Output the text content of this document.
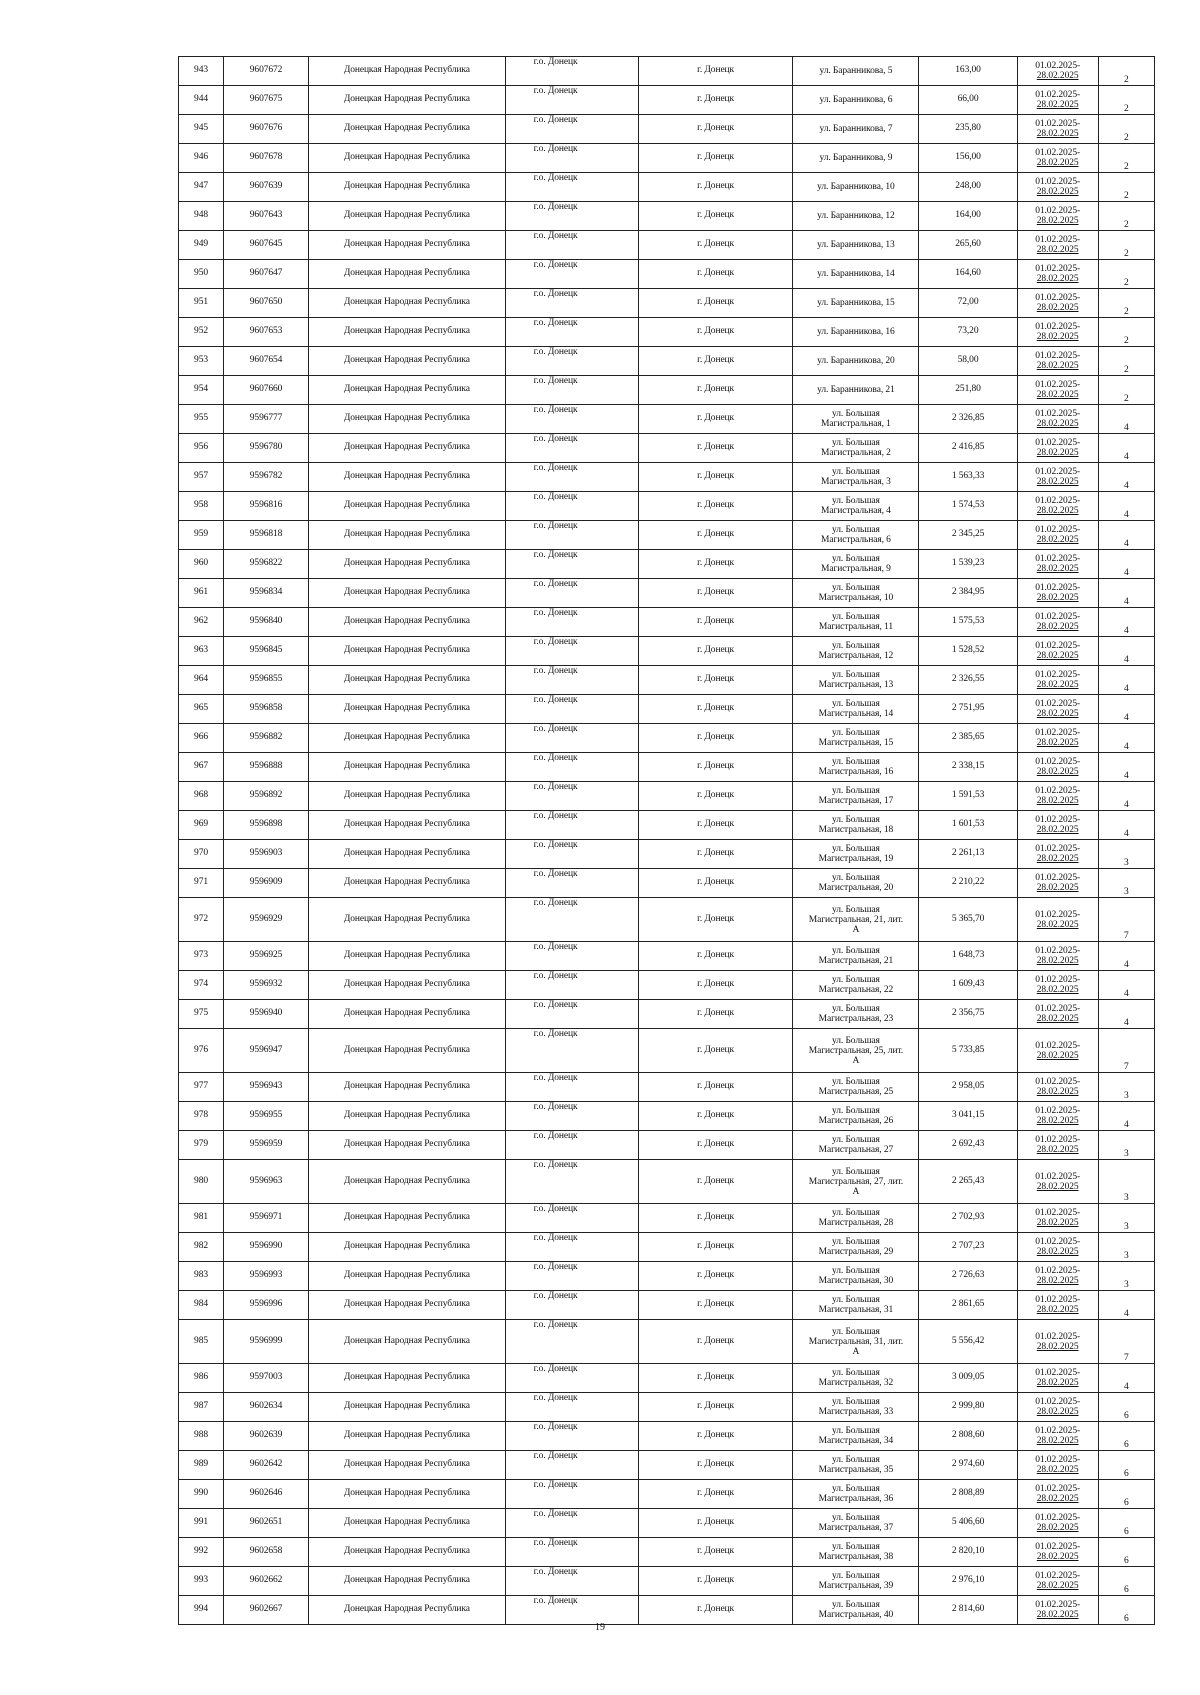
943	9607672	Донецкая Народная Республика	г.о. Донецк	г. Донецк	ул. Баранникова, 5	163,00	01.02.2025-
28.02.2025	2
944	9607675	Донецкая Народная Республика	г.о. Донецк	г. Донецк	ул. Баранникова, 6	66,00	01.02.2025-
28.02.2025	2
945	9607676	Донецкая Народная Республика	г.о. Донецк	г. Донецк	ул. Баранникова, 7	235,80	01.02.2025-
28.02.2025	2
946	9607678	Донецкая Народная Республика	г.о. Донецк	г. Донецк	ул. Баранникова, 9	156,00	01.02.2025-
28.02.2025	2
947	9607639	Донецкая Народная Республика	г.о. Донецк	г. Донецк	ул. Баранникова, 10	248,00	01.02.2025-
28.02.2025	2
948	9607643	Донецкая Народная Республика	г.о. Донецк	г. Донецк	ул. Баранникова, 12	164,00	01.02.2025-
28.02.2025	2
949	9607645	Донецкая Народная Республика	г.о. Донецк	г. Донецк	ул. Баранникова, 13	265,60	01.02.2025-
28.02.2025	2
950	9607647	Донецкая Народная Республика	г.о. Донецк	г. Донецк	ул. Баранникова, 14	164,60	01.02.2025-
28.02.2025	2
951	9607650	Донецкая Народная Республика	г.о. Донецк	г. Донецк	ул. Баранникова, 15	72,00	01.02.2025-
28.02.2025	2
952	9607653	Донецкая Народная Республика	г.о. Донецк	г. Донецк	ул. Баранникова, 16	73,20	01.02.2025-
28.02.2025	2
953	9607654	Донецкая Народная Республика	г.о. Донецк	г. Донецк	ул. Баранникова, 20	58,00	01.02.2025-
28.02.2025	2
954	9607660	Донецкая Народная Республика	г.о. Донецк	г. Донецк	ул. Баранникова, 21	251,80	01.02.2025-
28.02.2025	2
955	9596777	Донецкая Народная Республика	г.о. Донецк	г. Донецк	ул. Большая
Магистральная, 1	2 326,85	01.02.2025-
28.02.2025	4
956	9596780	Донецкая Народная Республика	г.о. Донецк	г. Донецк	ул. Большая
Магистральная, 2	2 416,85	01.02.2025-
28.02.2025	4
957	9596782	Донецкая Народная Республика	г.о. Донецк	г. Донецк	ул. Большая
Магистральная, 3	1 563,33	01.02.2025-
28.02.2025	4
958	9596816	Донецкая Народная Республика	г.о. Донецк	г. Донецк	ул. Большая
Магистральная, 4	1 574,53	01.02.2025-
28.02.2025	4
959	9596818	Донецкая Народная Республика	г.о. Донецк	г. Донецк	ул. Большая
Магистральная, 6	2 345,25	01.02.2025-
28.02.2025	4
960	9596822	Донецкая Народная Республика	г.о. Донецк	г. Донецк	ул. Большая
Магистральная, 9	1 539,23	01.02.2025-
28.02.2025	4
961	9596834	Донецкая Народная Республика	г.о. Донецк	г. Донецк	ул. Большая
Магистральная, 10	2 384,95	01.02.2025-
28.02.2025	4
962	9596840	Донецкая Народная Республика	г.о. Донецк	г. Донецк	ул. Большая
Магистральная, 11	1 575,53	01.02.2025-
28.02.2025	4
963	9596845	Донецкая Народная Республика	г.о. Донецк	г. Донецк	ул. Большая
Магистральная, 12	1 528,52	01.02.2025-
28.02.2025	4
964	9596855	Донецкая Народная Республика	г.о. Донецк	г. Донецк	ул. Большая
Магистральная, 13	2 326,55	01.02.2025-
28.02.2025	4
965	9596858	Донецкая Народная Республика	г.о. Донецк	г. Донецк	ул. Большая
Магистральная, 14	2 751,95	01.02.2025-
28.02.2025	4
966	9596882	Донецкая Народная Республика	г.о. Донецк	г. Донецк	ул. Большая
Магистральная, 15	2 385,65	01.02.2025-
28.02.2025	4
967	9596888	Донецкая Народная Республика	г.о. Донецк	г. Донецк	ул. Большая
Магистральная, 16	2 338,15	01.02.2025-
28.02.2025	4
968	9596892	Донецкая Народная Республика	г.о. Донецк	г. Донецк	ул. Большая
Магистральная, 17	1 591,53	01.02.2025-
28.02.2025	4
969	9596898	Донецкая Народная Республика	г.о. Донецк	г. Донецк	ул. Большая
Магистральная, 18	1 601,53	01.02.2025-
28.02.2025	4
970	9596903	Донецкая Народная Республика	г.о. Донецк	г. Донецк	ул. Большая
Магистральная, 19	2 261,13	01.02.2025-
28.02.2025	3
971	9596909	Донецкая Народная Республика	г.о. Донецк	г. Донецк	ул. Большая
Магистральная, 20	2 210,22	01.02.2025-
28.02.2025	3
972	9596929	Донецкая Народная Республика	г.о. Донецк	г. Донецк	ул. Большая
Магистральная, 21, лит.
А	5 365,70	01.02.2025-
28.02.2025	7
973	9596925	Донецкая Народная Республика	г.о. Донецк	г. Донецк	ул. Большая
Магистральная, 21	1 648,73	01.02.2025-
28.02.2025	4
974	9596932	Донецкая Народная Республика	г.о. Донецк	г. Донецк	ул. Большая
Магистральная, 22	1 609,43	01.02.2025-
28.02.2025	4
975	9596940	Донецкая Народная Республика	г.о. Донецк	г. Донецк	ул. Большая
Магистральная, 23	2 356,75	01.02.2025-
28.02.2025	4
976	9596947	Донецкая Народная Республика	г.о. Донецк	г. Донецк	ул. Большая
Магистральная, 25, лит.
А	5 733,85	01.02.2025-
28.02.2025	7
977	9596943	Донецкая Народная Республика	г.о. Донецк	г. Донецк	ул. Большая
Магистральная, 25	2 958,05	01.02.2025-
28.02.2025	3
978	9596955	Донецкая Народная Республика	г.о. Донецк	г. Донецк	ул. Большая
Магистральная, 26	3 041,15	01.02.2025-
28.02.2025	4
979	9596959	Донецкая Народная Республика	г.о. Донецк	г. Донецк	ул. Большая
Магистральная, 27	2 692,43	01.02.2025-
28.02.2025	3
980	9596963	Донецкая Народная Республика	г.о. Донецк	г. Донецк	ул. Большая
Магистральная, 27, лит.
А	2 265,43	01.02.2025-
28.02.2025	3
981	9596971	Донецкая Народная Республика	г.о. Донецк	г. Донецк	ул. Большая
Магистральная, 28	2 702,93	01.02.2025-
28.02.2025	3
982	9596990	Донецкая Народная Республика	г.о. Донецк	г. Донецк	ул. Большая
Магистральная, 29	2 707,23	01.02.2025-
28.02.2025	3
983	9596993	Донецкая Народная Республика	г.о. Донецк	г. Донецк	ул. Большая
Магистральная, 30	2 726,63	01.02.2025-
28.02.2025	3
984	9596996	Донецкая Народная Республика	г.о. Донецк	г. Донецк	ул. Большая
Магистральная, 31	2 861,65	01.02.2025-
28.02.2025	4
985	9596999	Донецкая Народная Республика	г.о. Донецк	г. Донецк	ул. Большая
Магистральная, 31, лит.
А	5 556,42	01.02.2025-
28.02.2025	7
986	9597003	Донецкая Народная Республика	г.о. Донецк	г. Донецк	ул. Большая
Магистральная, 32	3 009,05	01.02.2025-
28.02.2025	4
987	9602634	Донецкая Народная Республика	г.о. Донецк	г. Донецк	ул. Большая
Магистральная, 33	2 999,80	01.02.2025-
28.02.2025	6
988	9602639	Донецкая Народная Республика	г.о. Донецк	г. Донецк	ул. Большая
Магистральная, 34	2 808,60	01.02.2025-
28.02.2025	6
989	9602642	Донецкая Народная Республика	г.о. Донецк	г. Донецк	ул. Большая
Магистральная, 35	2 974,60	01.02.2025-
28.02.2025	6
990	9602646	Донецкая Народная Республика	г.о. Донецк	г. Донецк	ул. Большая
Магистральная, 36	2 808,89	01.02.2025-
28.02.2025	6
991	9602651	Донецкая Народная Республика	г.о. Донецк	г. Донецк	ул. Большая
Магистральная, 37	5 406,60	01.02.2025-
28.02.2025	6
992	9602658	Донецкая Народная Республика	г.о. Донецк	г. Донецк	ул. Большая
Магистральная, 38	2 820,10	01.02.2025-
28.02.2025	6
993	9602662	Донецкая Народная Республика	г.о. Донецк	г. Донецк	ул. Большая
Магистральная, 39	2 976,10	01.02.2025-
28.02.2025	6
994	9602667	Донецкая Народная Республика	г.о. Донецк	г. Донецк	ул. Большая
Магистральная, 40	2 814,60	01.02.2025-
28.02.2025	6
19
